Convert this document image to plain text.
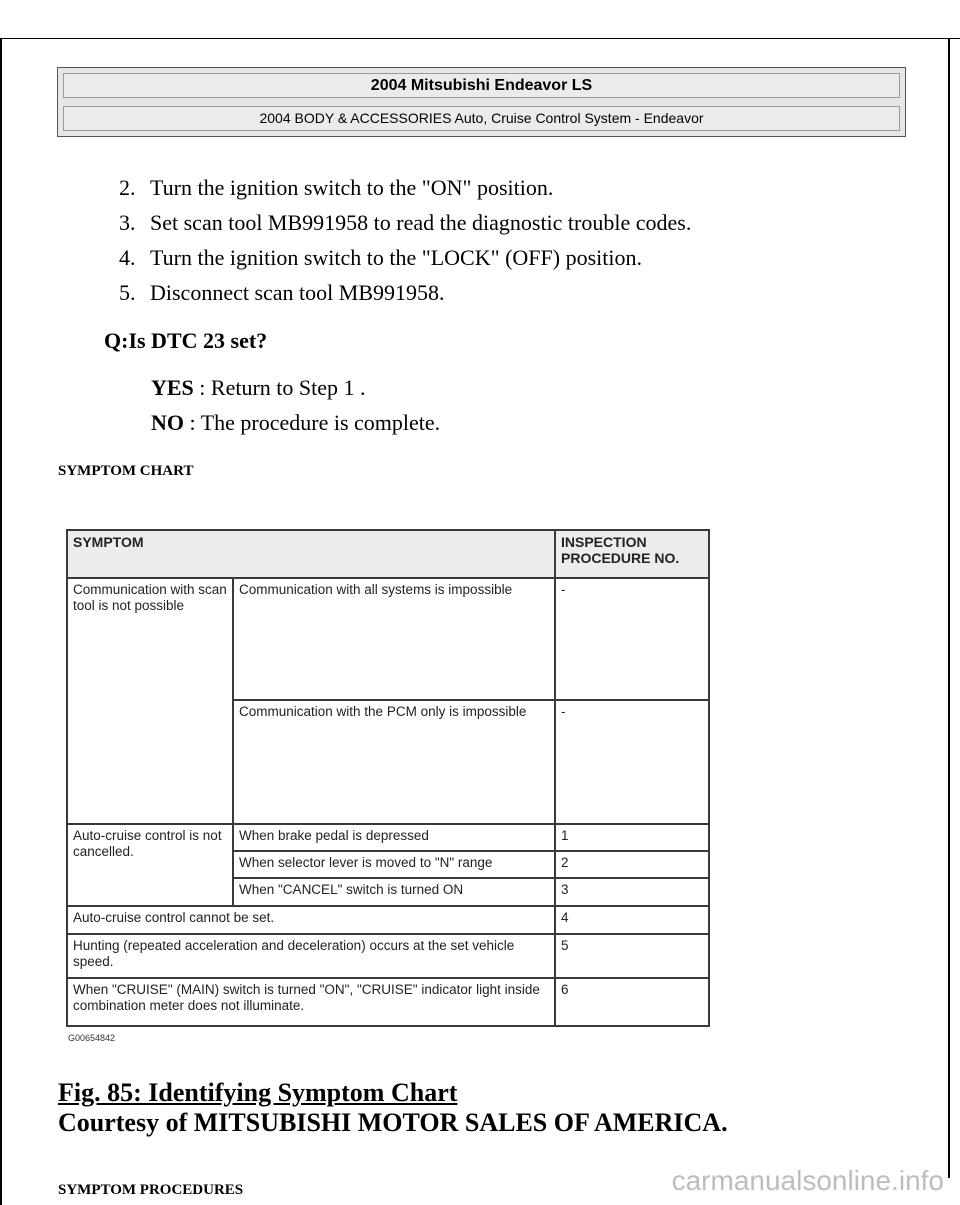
2004 Mitsubishi Endeavor LS
2004 BODY & ACCESSORIES Auto, Cruise Control System - Endeavor
2. Turn the ignition switch to the "ON" position.
3. Set scan tool MB991958 to read the diagnostic trouble codes.
4. Turn the ignition switch to the "LOCK" (OFF) position.
5. Disconnect scan tool MB991958.
Q:Is DTC 23 set?
YES : Return to Step 1 .
NO : The procedure is complete.
SYMPTOM CHART
SYMPTOM		INSPECTION PROCEDURE NO.
Communication with scan tool is not possible	Communication with all systems is impossible	-
	Communication with the PCM only is impossible	-
Auto-cruise control is not cancelled.	When brake pedal is depressed	1
	When selector lever is moved to "N" range	2
	When "CANCEL" switch is turned ON	3
Auto-cruise control cannot be set.		4
Hunting (repeated acceleration and deceleration) occurs at the set vehicle speed.		5
When "CRUISE" (MAIN) switch is turned "ON", "CRUISE" indicator light inside combination meter does not illuminate.		6
G00654842
Fig. 85: Identifying Symptom Chart
Courtesy of MITSUBISHI MOTOR SALES OF AMERICA.
SYMPTOM PROCEDURES	carmanualsonline.info
